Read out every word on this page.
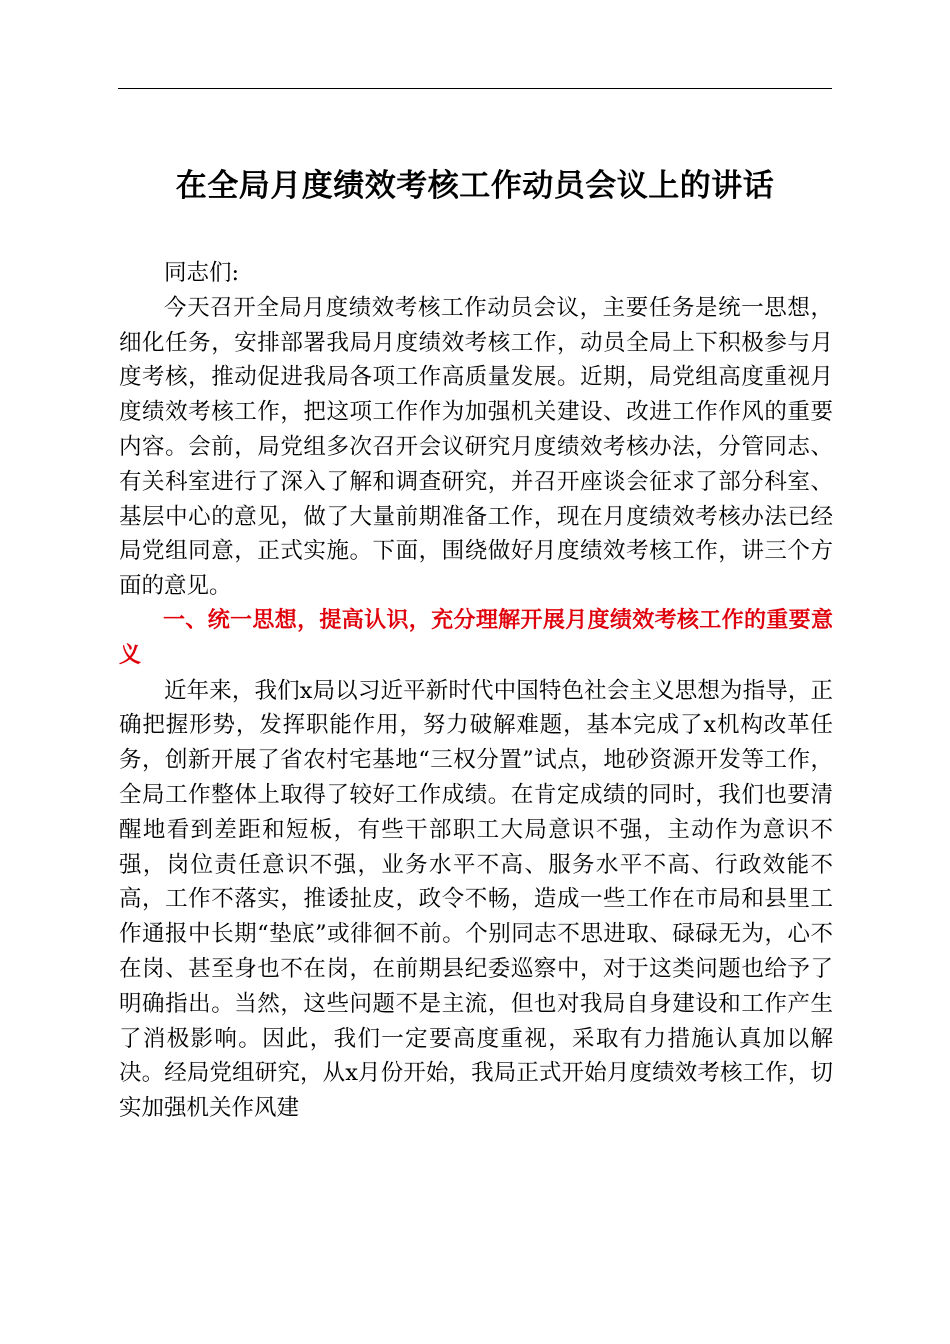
在全局月度绩效考核工作动员会议上的讲话

同志们:

今天召开全局月度绩效考核工作动员会议，主要任务是统一思想，细化任务，安排部署我局月度绩效考核工作，动员全局上下积极参与月度考核，推动促进我局各项工作高质量发展。近期，局党组高度重视月度绩效考核工作，把这项工作作为加强机关建设、改进工作作风的重要内容。会前，局党组多次召开会议研究月度绩效考核办法，分管同志、有关科室进行了深入了解和调查研究，并召开座谈会征求了部分科室、基层中心的意见，做了大量前期准备工作，现在月度绩效考核办法已经局党组同意，正式实施。下面，围绕做好月度绩效考核工作，讲三个方面的意见。

一、统一思想，提高认识，充分理解开展月度绩效考核工作的重要意义

近年来，我们x局以习近平新时代中国特色社会主义思想为指导，正确把握形势，发挥职能作用，努力破解难题，基本完成了x机构改革任务，创新开展了省农村宅基地“三权分置”试点，地砂资源开发等工作，全局工作整体上取得了较好工作成绩。在肯定成绩的同时，我们也要清醒地看到差距和短板，有些干部职工大局意识不强，主动作为意识不强，岗位责任意识不强，业务水平不高、服务水平不高、行政效能不高，工作不落实，推诿扯皮，政令不畅，造成一些工作在市局和县里工作通报中长期“垫底”或徘徊不前。个别同志不思进取、碌碌无为，心不在岗、甚至身也不在岗，在前期县纪委巡察中，对于这类问题也给予了明确指出。当然，这些问题不是主流，但也对我局自身建设和工作产生了消极影响。因此，我们一定要高度重视，采取有力措施认真加以解决。经局党组研究，从x月份开始，我局正式开始月度绩效考核工作，切实加强机关作风建
